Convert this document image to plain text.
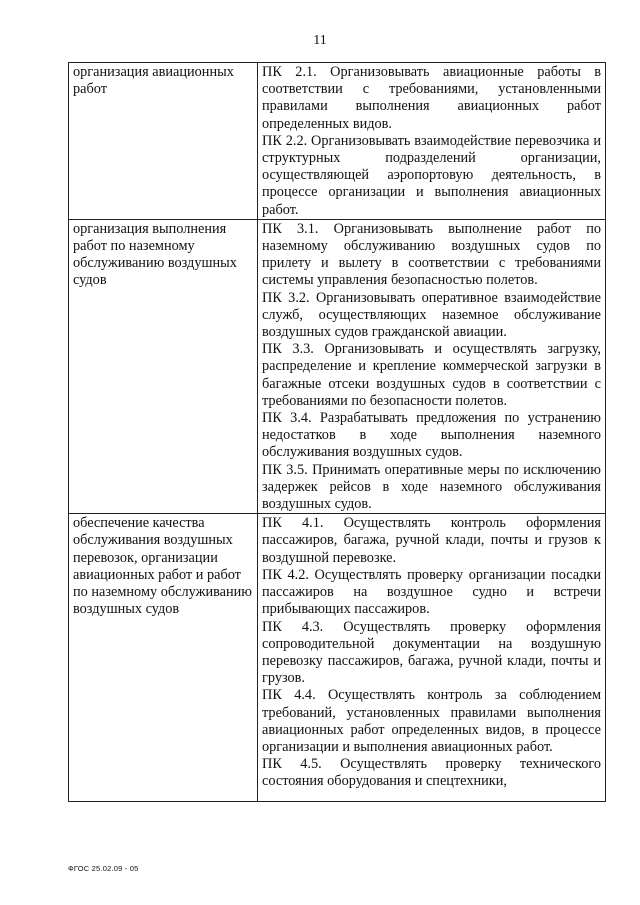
11
организация авиационных работ	ПК 2.1. Организовывать авиационные работы в соответствии с требованиями, установленными правилами выполнения авиационных работ определенных видов.
ПК 2.2. Организовывать взаимодействие перевозчика и структурных подразделений организации, осуществляющей аэропортовую деятельность, в процессе организации и выполнения авиационных работ.

организация выполнения работ по наземному обслуживанию воздушных судов	ПК 3.1. Организовывать выполнение работ по наземному обслуживанию воздушных судов по прилету и вылету в соответствии с требованиями системы управления безопасностью полетов.
ПК 3.2. Организовывать оперативное взаимодействие служб, осуществляющих наземное обслуживание воздушных судов гражданской авиации.
ПК 3.3. Организовывать и осуществлять загрузку, распределение и крепление коммерческой загрузки в багажные отсеки воздушных судов в соответствии с требованиями по безопасности полетов.
ПК 3.4. Разрабатывать предложения по устранению недостатков в ходе выполнения наземного обслуживания воздушных судов.
ПК 3.5. Принимать оперативные меры по исключению задержек рейсов в ходе наземного обслуживания воздушных судов.

обеспечение качества обслуживания воздушных перевозок, организации авиационных работ и работ по наземному обслуживанию воздушных судов	ПК 4.1. Осуществлять контроль оформления пассажиров, багажа, ручной клади, почты и грузов к воздушной перевозке.
ПК 4.2. Осуществлять проверку организации посадки пассажиров на воздушное судно и встречи прибывающих пассажиров.
ПК 4.3. Осуществлять проверку оформления сопроводительной документации на воздушную перевозку пассажиров, багажа, ручной клади, почты и грузов.
ПК 4.4. Осуществлять контроль за соблюдением требований, установленных правилами выполнения авиационных работ определенных видов, в процессе организации и выполнения авиационных работ.
ПК 4.5. Осуществлять проверку технического состояния оборудования и спецтехники,
ФГОС 25.02.09 - 05
